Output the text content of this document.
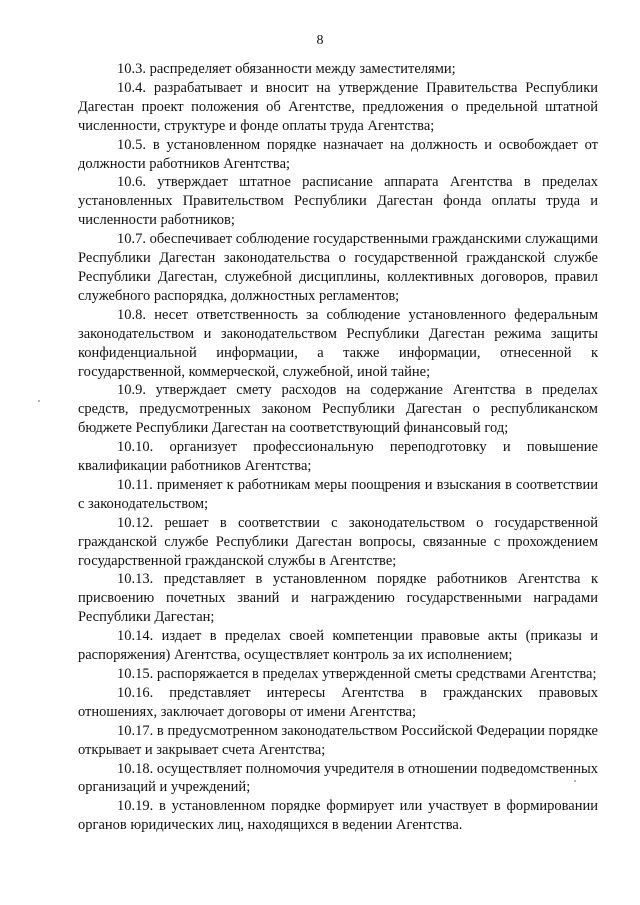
8

10.3. распределяет обязанности между заместителями;

10.4. разрабатывает и вносит на утверждение Правительства Республики Дагестан проект положения об Агентстве, предложения о предельной штатной численности, структуре и фонде оплаты труда Агентства;

10.5. в установленном порядке назначает на должность и освобождает от должности работников Агентства;

10.6. утверждает штатное расписание аппарата Агентства в пределах установленных Правительством Республики Дагестан фонда оплаты труда и численности работников;

10.7. обеспечивает соблюдение государственными гражданскими служащими Республики Дагестан законодательства о государственной гражданской службе Республики Дагестан, служебной дисциплины, коллективных договоров, правил служебного распорядка, должностных регламентов;

10.8. несет ответственность за соблюдение установленного федеральным законодательством и законодательством Республики Дагестан режима защиты конфиденциальной информации, а также информации, отнесенной к государственной, коммерческой, служебной, иной тайне;

10.9. утверждает смету расходов на содержание Агентства в пределах средств, предусмотренных законом Республики Дагестан о республиканском бюджете Республики Дагестан на соответствующий финансовый год;

10.10. организует профессиональную переподготовку и повышение квалификации работников Агентства;

10.11. применяет к работникам меры поощрения и взыскания в соответствии с законодательством;

10.12. решает в соответствии с законодательством о государственной гражданской службе Республики Дагестан вопросы, связанные с прохождением государственной гражданской службы в Агентстве;

10.13. представляет в установленном порядке работников Агентства к присвоению почетных званий и награждению государственными наградами Республики Дагестан;

10.14. издает в пределах своей компетенции правовые акты (приказы и распоряжения) Агентства, осуществляет контроль за их исполнением;

10.15. распоряжается в пределах утвержденной сметы средствами Агентства;

10.16. представляет интересы Агентства в гражданских правовых отношениях, заключает договоры от имени Агентства;

10.17. в предусмотренном законодательством Российской Федерации порядке открывает и закрывает счета Агентства;

10.18. осуществляет полномочия учредителя в отношении подведомственных организаций и учреждений;

10.19. в установленном порядке формирует или участвует в формировании органов юридических лиц, находящихся в ведении Агентства.
